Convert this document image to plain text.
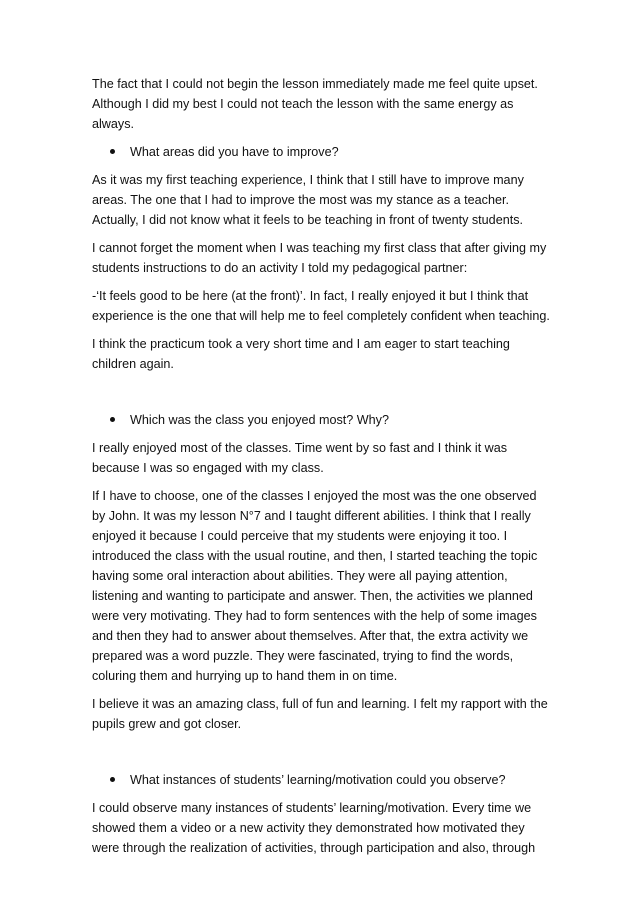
The fact that I could not begin the lesson immediately made me feel quite upset. Although I did my best I could not teach the lesson with the same energy as always.

What areas did you have to improve?

As it was my first teaching experience, I think that I still have to improve many areas. The one that I had to improve the most was my stance as a teacher. Actually, I did not know what it feels to be teaching in front of twenty students.

I cannot forget the moment when I was teaching my first class that after giving my students instructions to do an activity I told my pedagogical partner:

-‘It feels good to be here (at the front)’. In fact, I really enjoyed it but I think that experience is the one that will help me to feel completely confident when teaching.

I think the practicum took a very short time and I am eager to start teaching children again.

Which was the class you enjoyed most? Why?

I really enjoyed most of the classes. Time went by so fast and I think it was because I was so engaged with my class.

If I have to choose, one of the classes I enjoyed the most was the one observed by John. It was my lesson N°7 and I taught different abilities. I think that I really enjoyed it because I could perceive that my students were enjoying it too. I introduced the class with the usual routine, and then, I started teaching the topic having some oral interaction about abilities. They were all paying attention, listening and wanting to participate and answer. Then, the activities we planned were very motivating. They had to form sentences with the help of some images and then they had to answer about themselves. After that, the extra activity we prepared was a word puzzle. They were fascinated, trying to find the words, coluring them and hurrying up to hand them in on time.

I believe it was an amazing class, full of fun and learning. I felt my rapport with the pupils grew and got closer.

What instances of students’ learning/motivation could you observe?

I could observe many instances of students’ learning/motivation. Every time we showed them a video or a new activity they demonstrated how motivated they were through the realization of activities, through participation and also, through
